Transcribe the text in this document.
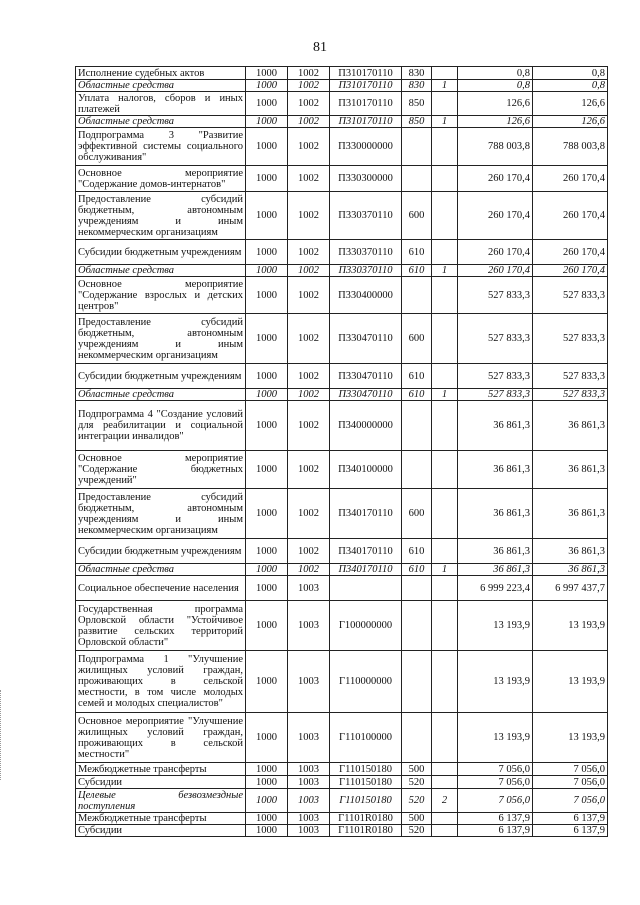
81
Исполнение судебных актов	1000	1002	П310170110	830		0,8	0,8
Областные средства	1000	1002	П310170110	830	1	0,8	0,8
Уплата налогов, сборов и иных платежей	1000	1002	П310170110	850		126,6	126,6
Областные средства	1000	1002	П310170110	850	1	126,6	126,6
Подпрограмма 3 "Развитие эффективной системы социального обслуживания"	1000	1002	П330000000			788 003,8	788 003,8
Основное мероприятие "Содержание домов-интернатов"	1000	1002	П330300000			260 170,4	260 170,4
Предоставление субсидий бюджетным, автономным учреждениям и иным некоммерческим организациям	1000	1002	П330370110	600		260 170,4	260 170,4
Субсидии бюджетным учреждениям	1000	1002	П330370110	610		260 170,4	260 170,4
Областные средства	1000	1002	П330370110	610	1	260 170,4	260 170,4
Основное мероприятие "Содержание взрослых и детских центров"	1000	1002	П330400000			527 833,3	527 833,3
Предоставление субсидий бюджетным, автономным учреждениям и иным некоммерческим организациям	1000	1002	П330470110	600		527 833,3	527 833,3
Субсидии бюджетным учреждениям	1000	1002	П330470110	610		527 833,3	527 833,3
Областные средства	1000	1002	П330470110	610	1	527 833,3	527 833,3
Подпрограмма 4 "Создание условий для реабилитации и социальной интеграции инвалидов"	1000	1002	П340000000			36 861,3	36 861,3
Основное мероприятие "Содержание бюджетных учреждений"	1000	1002	П340100000			36 861,3	36 861,3
Предоставление субсидий бюджетным, автономным учреждениям и иным некоммерческим организациям	1000	1002	П340170110	600		36 861,3	36 861,3
Субсидии бюджетным учреждениям	1000	1002	П340170110	610		36 861,3	36 861,3
Областные средства	1000	1002	П340170110	610	1	36 861,3	36 861,3
Социальное обеспечение населения	1000	1003				6 999 223,4	6 997 437,7
Государственная программа Орловской области "Устойчивое развитие сельских территорий Орловской области"	1000	1003	Г100000000			13 193,9	13 193,9
Подпрограмма 1 "Улучшение жилищных условий граждан, проживающих в сельской местности, в том числе молодых семей и молодых специалистов"	1000	1003	Г110000000			13 193,9	13 193,9
Основное мероприятие "Улучшение жилищных условий граждан, проживающих в сельской местности"	1000	1003	Г110100000			13 193,9	13 193,9
Межбюджетные трансферты	1000	1003	Г110150180	500		7 056,0	7 056,0
Субсидии	1000	1003	Г110150180	520		7 056,0	7 056,0
Целевые безвозмездные поступления	1000	1003	Г110150180	520	2	7 056,0	7 056,0
Межбюджетные трансферты	1000	1003	Г1101R0180	500		6 137,9	6 137,9
Субсидии	1000	1003	Г1101R0180	520		6 137,9	6 137,9
